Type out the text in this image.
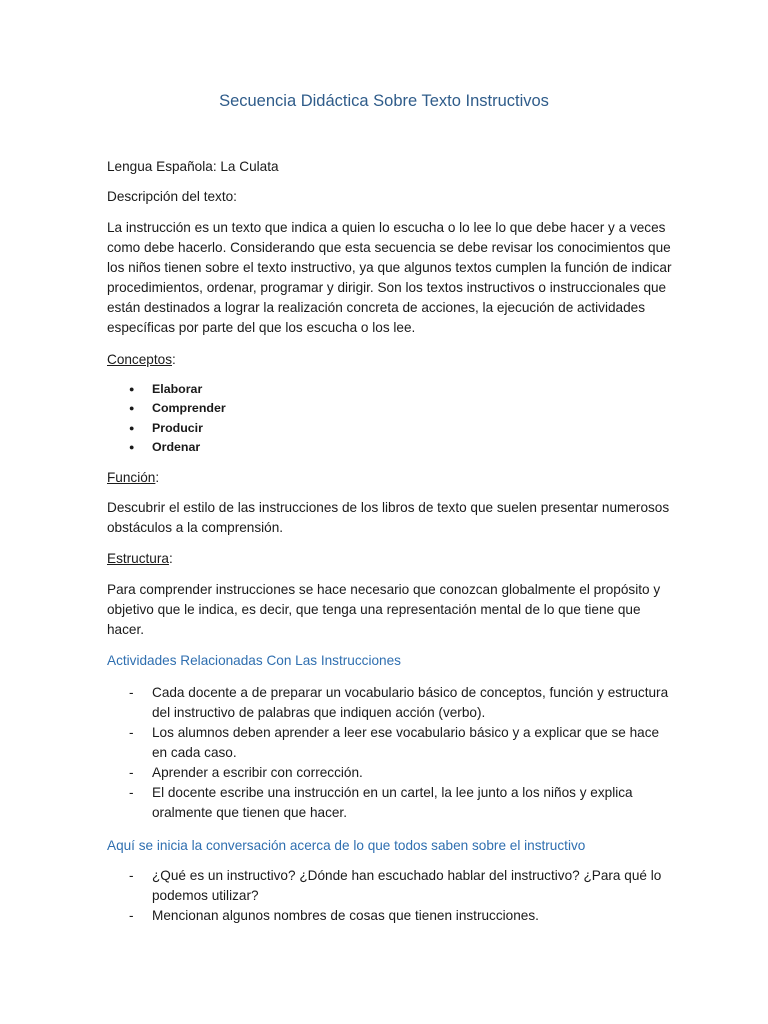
Secuencia Didáctica Sobre Texto Instructivos
Lengua Española: La Culata
Descripción del texto:
La instrucción es un texto que indica a quien lo escucha o lo lee lo que debe hacer y a veces como debe hacerlo. Considerando que esta secuencia se debe revisar los conocimientos que los niños tienen sobre el texto instructivo, ya que algunos textos cumplen la función de indicar procedimientos, ordenar, programar y dirigir. Son los textos instructivos o instruccionales que están destinados a lograr la realización concreta de acciones, la ejecución de actividades específicas por parte del que los escucha o los lee.
Conceptos:
● Elaborar
● Comprender
● Producir
● Ordenar
Función:
Descubrir el estilo de las instrucciones de los libros de texto que suelen presentar numerosos obstáculos a la comprensión.
Estructura:
Para comprender instrucciones se hace necesario que conozcan globalmente el propósito y objetivo que le indica, es decir, que tenga una representación mental de lo que tiene que hacer.
Actividades Relacionadas Con Las Instrucciones
- Cada docente a de preparar un vocabulario básico de conceptos, función y estructura del instructivo de palabras que indiquen acción (verbo).
- Los alumnos deben aprender a leer ese vocabulario básico y a explicar que se hace en cada caso.
- Aprender a escribir con corrección.
- El docente escribe una instrucción en un cartel, la lee junto a los niños y explica oralmente que tienen que hacer.
Aquí se inicia la conversación acerca de lo que todos saben sobre el instructivo
- ¿Qué es un instructivo? ¿Dónde han escuchado hablar del instructivo? ¿Para qué lo podemos utilizar?
- Mencionan algunos nombres de cosas que tienen instrucciones.
